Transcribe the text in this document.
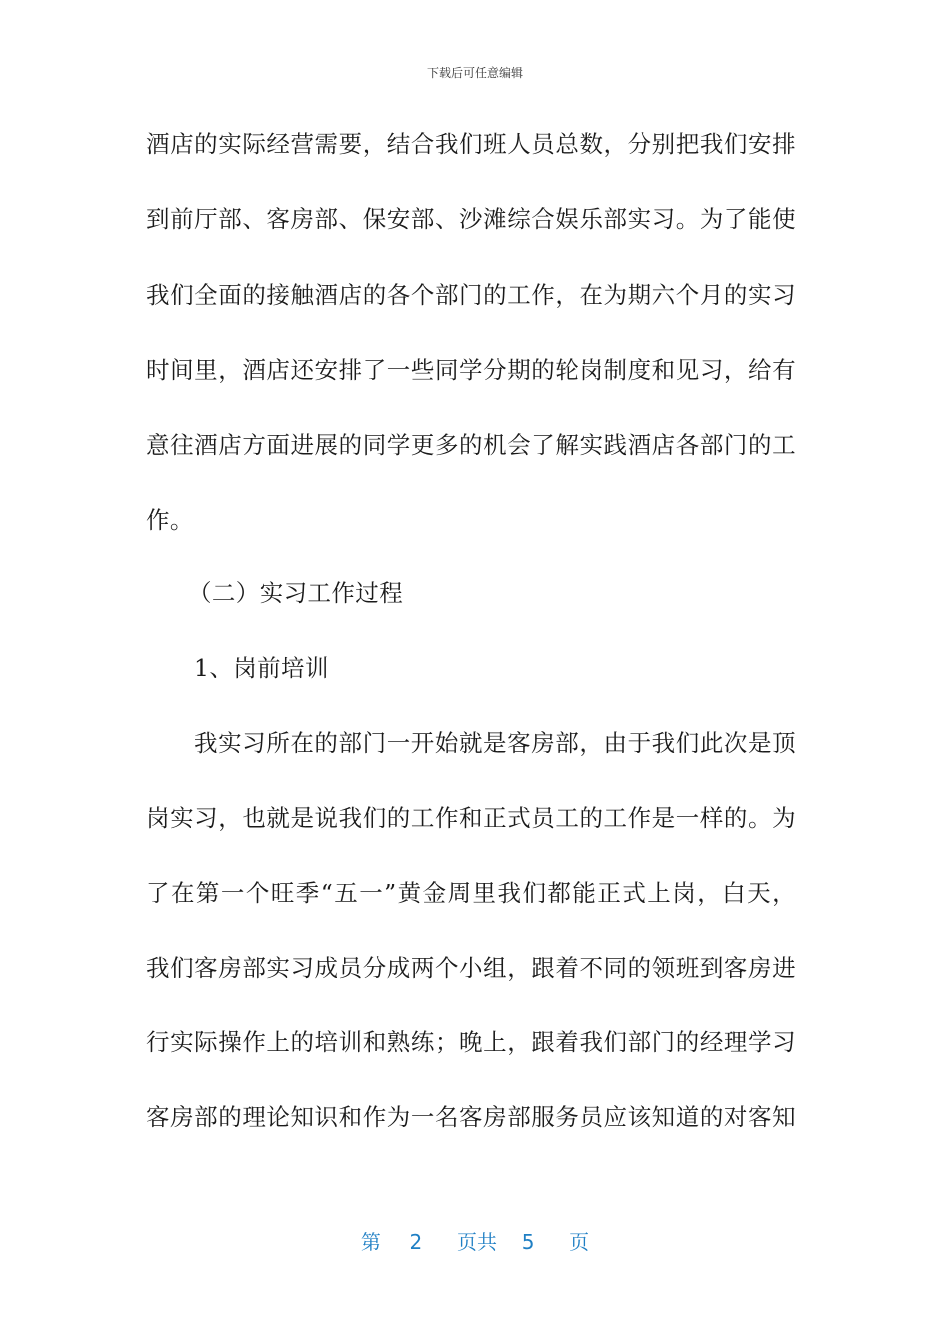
下载后可任意编辑
酒店的实际经营需要，结合我们班人员总数，分别把我们安排
到前厅部、客房部、保安部、沙滩综合娱乐部实习。为了能使
我们全面的接触酒店的各个部门的工作，在为期六个月的实习
时间里，酒店还安排了一些同学分期的轮岗制度和见习，给有
意往酒店方面进展的同学更多的机会了解实践酒店各部门的工
作。
（二）实习工作过程
1、岗前培训
我实习所在的部门一开始就是客房部，由于我们此次是顶
岗实习，也就是说我们的工作和正式员工的工作是一样的。为
了在第一个旺季“五一”黄金周里我们都能正式上岗，白天，
我们客房部实习成员分成两个小组，跟着不同的领班到客房进
行实际操作上的培训和熟练；晚上，跟着我们部门的经理学习
客房部的理论知识和作为一名客房部服务员应该知道的对客知
第 2 页共 5 页
